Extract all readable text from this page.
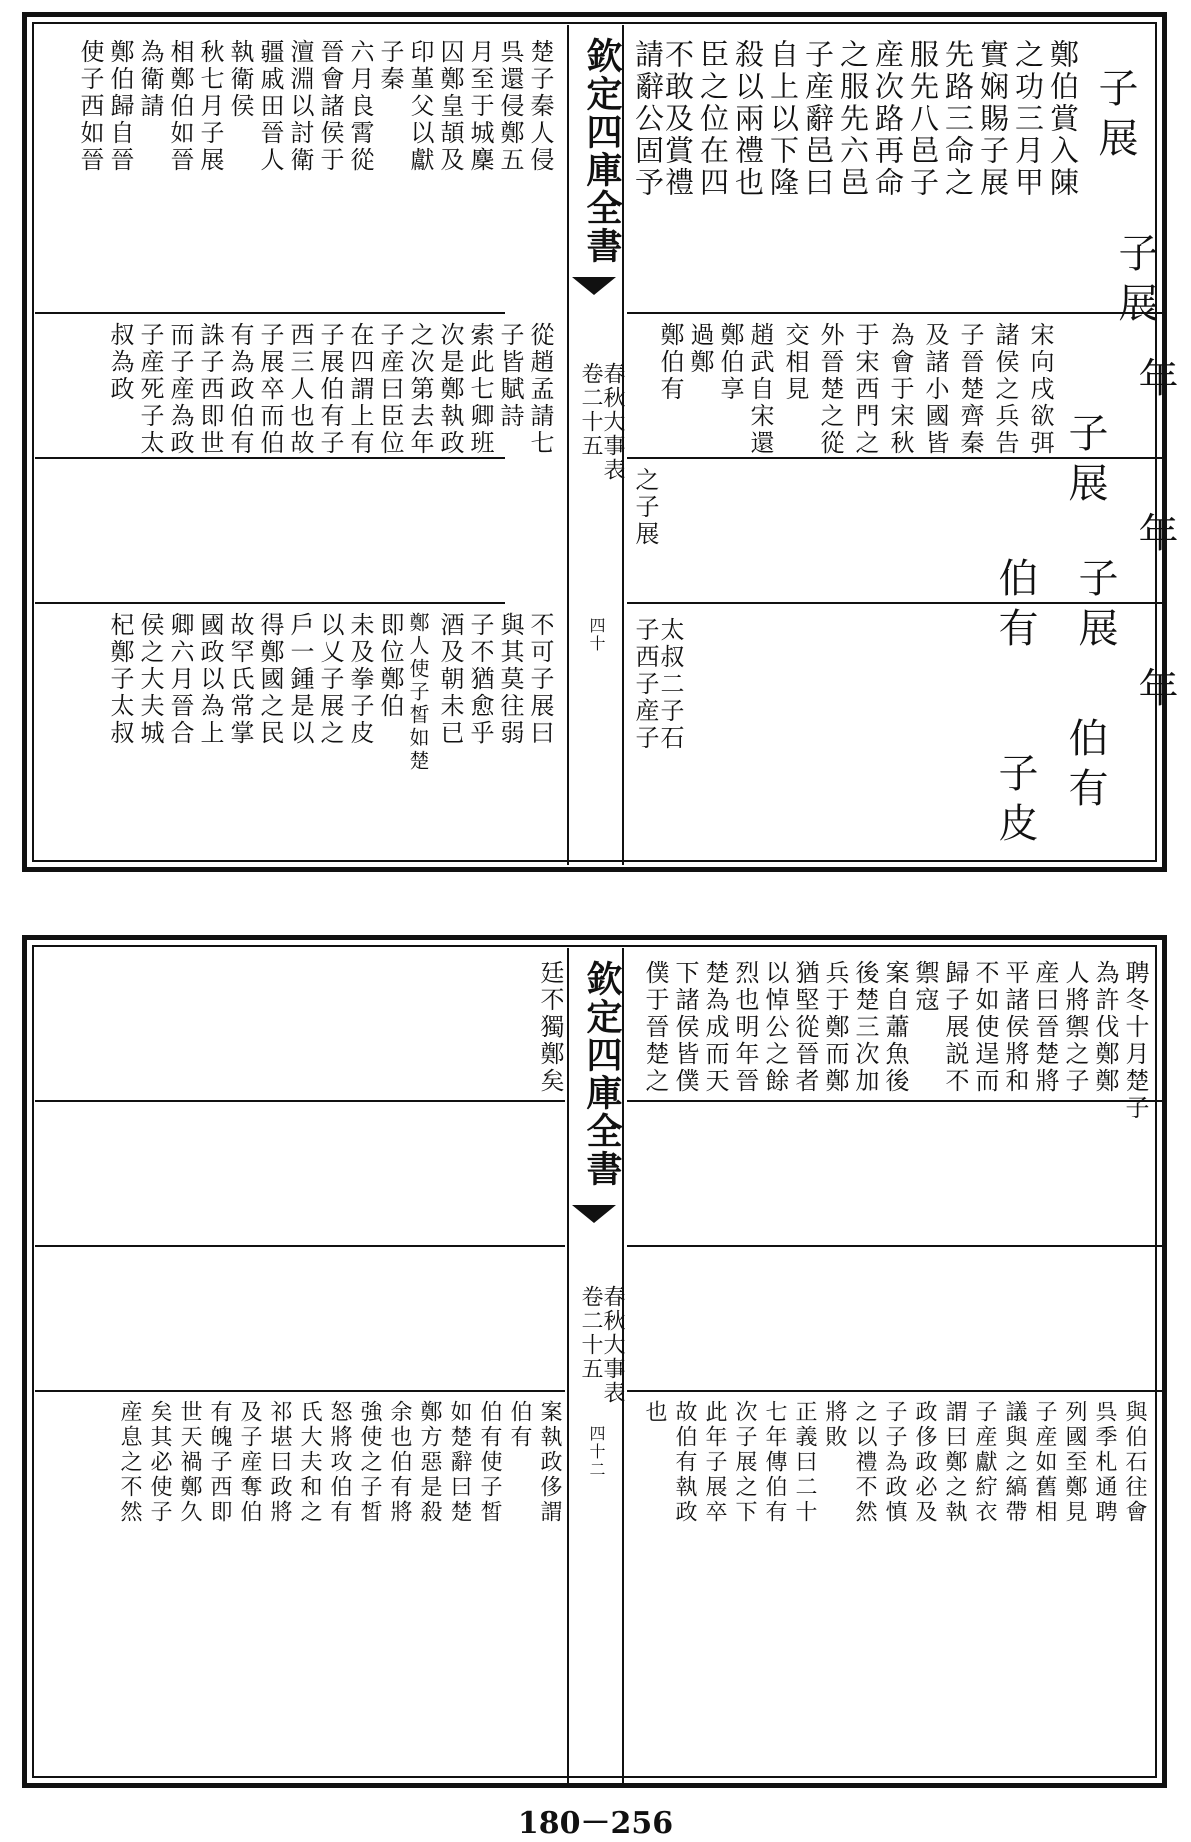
欽定四庫全書
春秋大事表
卷二十五
四十
子展
子展
年
子展
年
伯有 子展
年
伯有
子皮
鄭伯賞入陳
之功三月甲
實娴賜子展
先路三命之
服先八邑子
産次路再命
之服先六邑
子産辭邑曰
自上以下隆
殺以兩禮也
臣之位在四
不敢及賞禮
請辭公固予
宋向戌欲弭
諸侯之兵告
子晉楚齊秦
及諸小國皆
為會于宋秋
于宋西門之
外晉楚之從
交相見
趙武自宋還
鄭伯享
過鄭
鄭伯有
之子展
子西子産子
太叔二子石
楚子秦人侵
呉還侵鄭五
月至于城麇
囚鄭皇頡及
印堇父以獻
子秦
六月良霄從
晉會諸侯于
澶淵以討衛
疆戚田晉人
執衛侯
秋七月子展
相鄭伯如晉
為衛請
鄭伯歸自晉
使子西如晉
從趙孟請七
子皆賦詩
索此七卿班
次是鄭執政
之次第去年
子産曰臣位
在四謂上有
子展伯有子
西三人也故
子展卒而伯
有為政伯有
誅子西即世
而子産為政
子産死子太
叔為政
不可子展曰
與其莫往弱
子不猶愈乎
酒及朝未已
鄭人使子皙如楚
即位鄭伯
未及拳子皮
以乂子展之
戶一鍾是以
得鄭國之民
故罕氏常掌
國政以為上
卿六月晉合
侯之大夫城
杞鄭子太叔
欽定四庫全書
春秋大事表
卷二十五
四十二
聘冬十月楚子
為許伐鄭鄭
人將禦之子
産曰晉楚將
平諸侯將和
不如使逞而
歸子展説不
禦寇
案自蕭魚後
後楚三次加
兵于鄭而鄭
猶堅從晉者
以悼公之餘
烈也明年晉
楚為成而天
下諸侯皆僕
僕于晉楚之
廷不獨鄭矣
與伯石往會
呉季札通聘
列國至鄭見
子産如舊相
議與之縞帶
子産獻紵衣
謂曰鄭之執
政侈政必及
子子為政慎
之以禮不然
將敗
正義曰二十
七年傳伯有
次子展之下
此年子展卒
故伯有執政
也
案執政侈謂
伯有
伯有使子皙
如楚辭曰楚
鄭方惡是殺
余也伯有將
強使之子皙
怒將攻伯有
氏大夫和之
祁堪曰政將
及子産奪伯
有魄子西即
世天禍鄭久
矣其必使子
産息之不然
180－256
